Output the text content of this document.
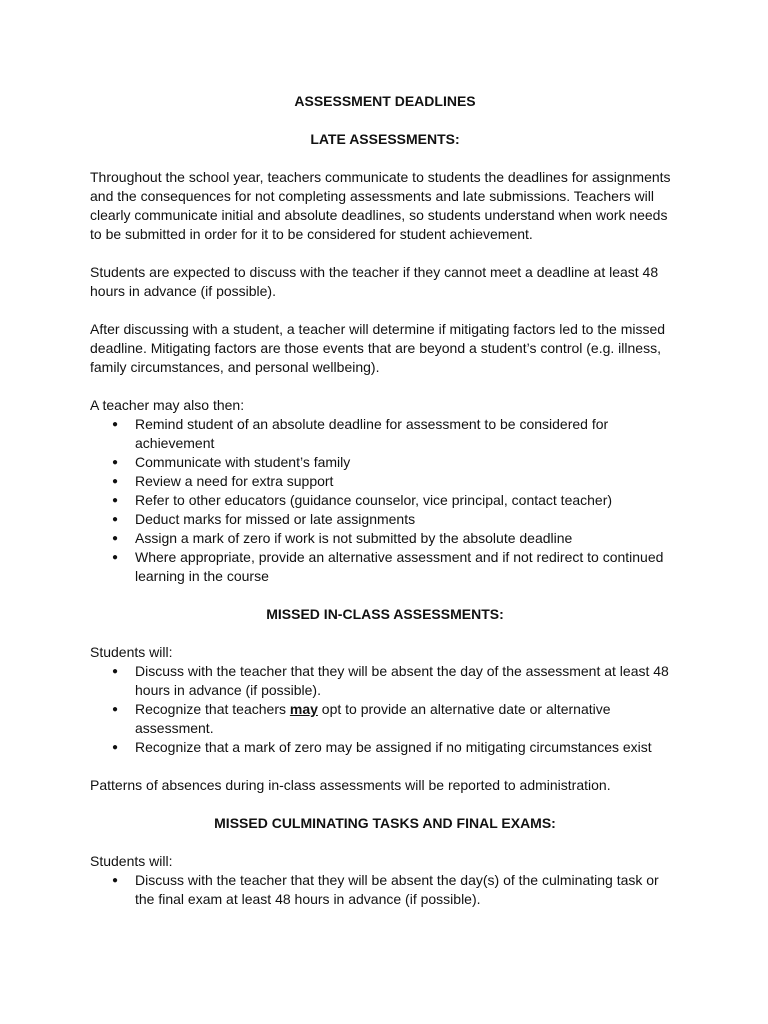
ASSESSMENT DEADLINES

LATE ASSESSMENTS:

Throughout the school year, teachers communicate to students the deadlines for assignments and the consequences for not completing assessments and late submissions. Teachers will clearly communicate initial and absolute deadlines, so students understand when work needs to be submitted in order for it to be considered for student achievement.

Students are expected to discuss with the teacher if they cannot meet a deadline at least 48 hours in advance (if possible).

After discussing with a student, a teacher will determine if mitigating factors led to the missed deadline. Mitigating factors are those events that are beyond a student’s control (e.g. illness, family circumstances, and personal wellbeing).

A teacher may also then:

● Remind student of an absolute deadline for assessment to be considered for achievement
● Communicate with student’s family
● Review a need for extra support
● Refer to other educators (guidance counselor, vice principal, contact teacher)
● Deduct marks for missed or late assignments
● Assign a mark of zero if work is not submitted by the absolute deadline
● Where appropriate, provide an alternative assessment and if not redirect to continued learning in the course

MISSED IN-CLASS ASSESSMENTS:

Students will:

● Discuss with the teacher that they will be absent the day of the assessment at least 48 hours in advance (if possible).
● Recognize that teachers may opt to provide an alternative date or alternative assessment.
● Recognize that a mark of zero may be assigned if no mitigating circumstances exist

Patterns of absences during in-class assessments will be reported to administration.

MISSED CULMINATING TASKS AND FINAL EXAMS:

Students will:

● Discuss with the teacher that they will be absent the day(s) of the culminating task or the final exam at least 48 hours in advance (if possible).
